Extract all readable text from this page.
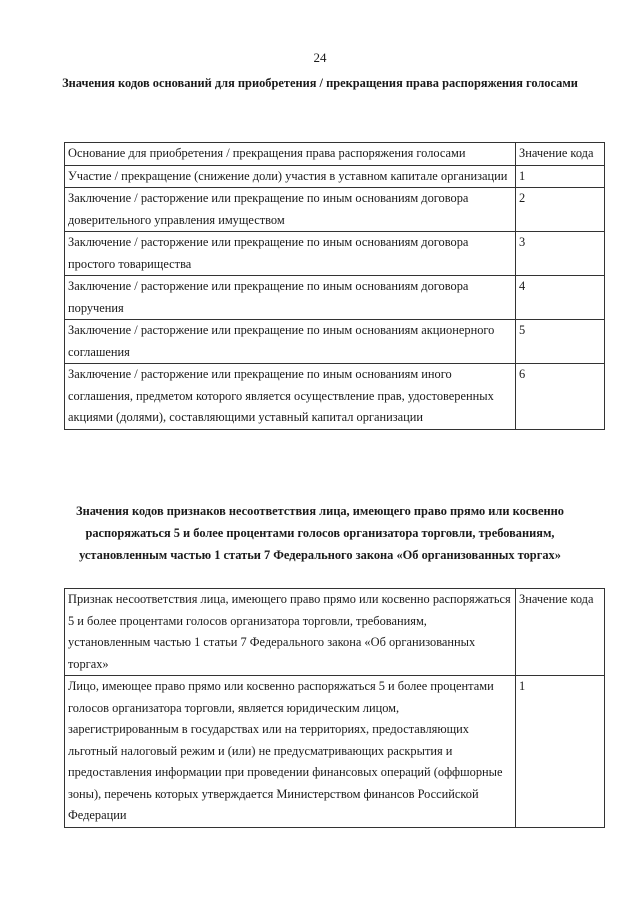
24
Значения кодов оснований для приобретения / прекращения права распоряжения голосами
Основание для приобретения / прекращения права распоряжения голосами	Значение кода
Участие / прекращение (снижение доли) участия в уставном капитале организации	1
Заключение / расторжение или прекращение по иным основаниям договора доверительного управления имуществом	2
Заключение / расторжение или прекращение по иным основаниям договора простого товарищества	3
Заключение / расторжение или прекращение по иным основаниям договора поручения	4
Заключение / расторжение или прекращение по иным основаниям акционерного соглашения	5
Заключение / расторжение или прекращение по иным основаниям иного соглашения, предметом которого является осуществление прав, удостоверенных акциями (долями), составляющими уставный капитал организации	6
Значения кодов признаков несоответствия лица, имеющего право прямо или косвенно распоряжаться 5 и более процентами голосов организатора торговли, требованиям, установленным частью 1 статьи 7 Федерального закона «Об организованных торгах»
Признак несоответствия лица, имеющего право прямо или косвенно распоряжаться 5 и более процентами голосов организатора торговли, требованиям, установленным частью 1 статьи 7 Федерального закона «Об организованных торгах»	Значение кода
Лицо, имеющее право прямо или косвенно распоряжаться 5 и более процентами голосов организатора торговли, является юридическим лицом, зарегистрированным в государствах или на территориях, предоставляющих льготный налоговый режим и (или) не предусматривающих раскрытия и предоставления информации при проведении финансовых операций (оффшорные зоны), перечень которых утверждается Министерством финансов Российской Федерации	1
